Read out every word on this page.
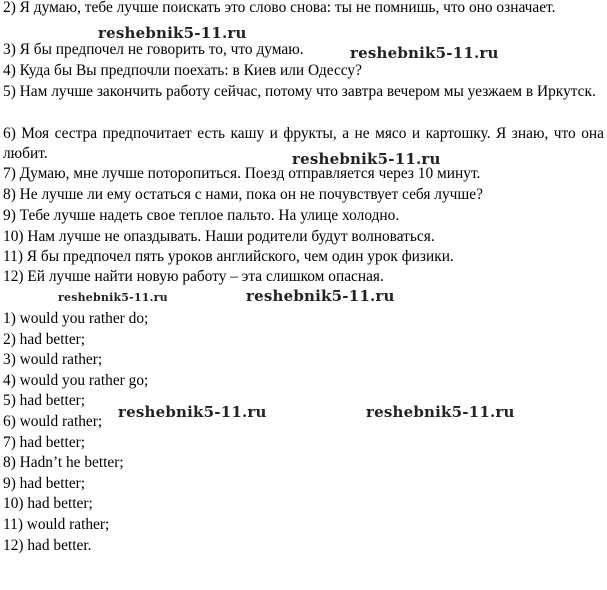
2) Я думаю, тебе лучше поискать это слово снова: ты не помнишь, что оно означает.

3) Я бы предпочел не говорить то, что думаю.

4) Куда бы Вы предпочли поехать: в Киев или Одессу?

5) Нам лучше закончить работу сейчас, потому что завтра вечером мы уезжаем в Иркутск.

6) Моя сестра предпочитает есть кашу и фрукты, а не мясо и картошку. Я знаю, что она любит.

7) Думаю, мне лучше поторопиться. Поезд отправляется через 10 минут.

8) Не лучше ли ему остаться с нами, пока он не почувствует себя лучше?

9) Тебе лучше надеть свое теплое пальто. На улице холодно.

10) Нам лучше не опаздывать. Наши родители будут волноваться.

11) Я бы предпочел пять уроков английского, чем один урок физики.

12) Ей лучше найти новую работу – эта слишком опасная.

1) would you rather do;

2) had better;

3) would rather;

4) would you rather go;

5) had better;

6) would rather;

7) had better;

8) Hadn’t he better;

9) had better;

10) had better;

11) would rather;

12) had better.

reshebnik5-11.ru
reshebnik5-11.ru
reshebnik5-11.ru
reshebnik5-11.ru	reshebnik5-11.ru
reshebnik5-11.ru	reshebnik5-11.ru
